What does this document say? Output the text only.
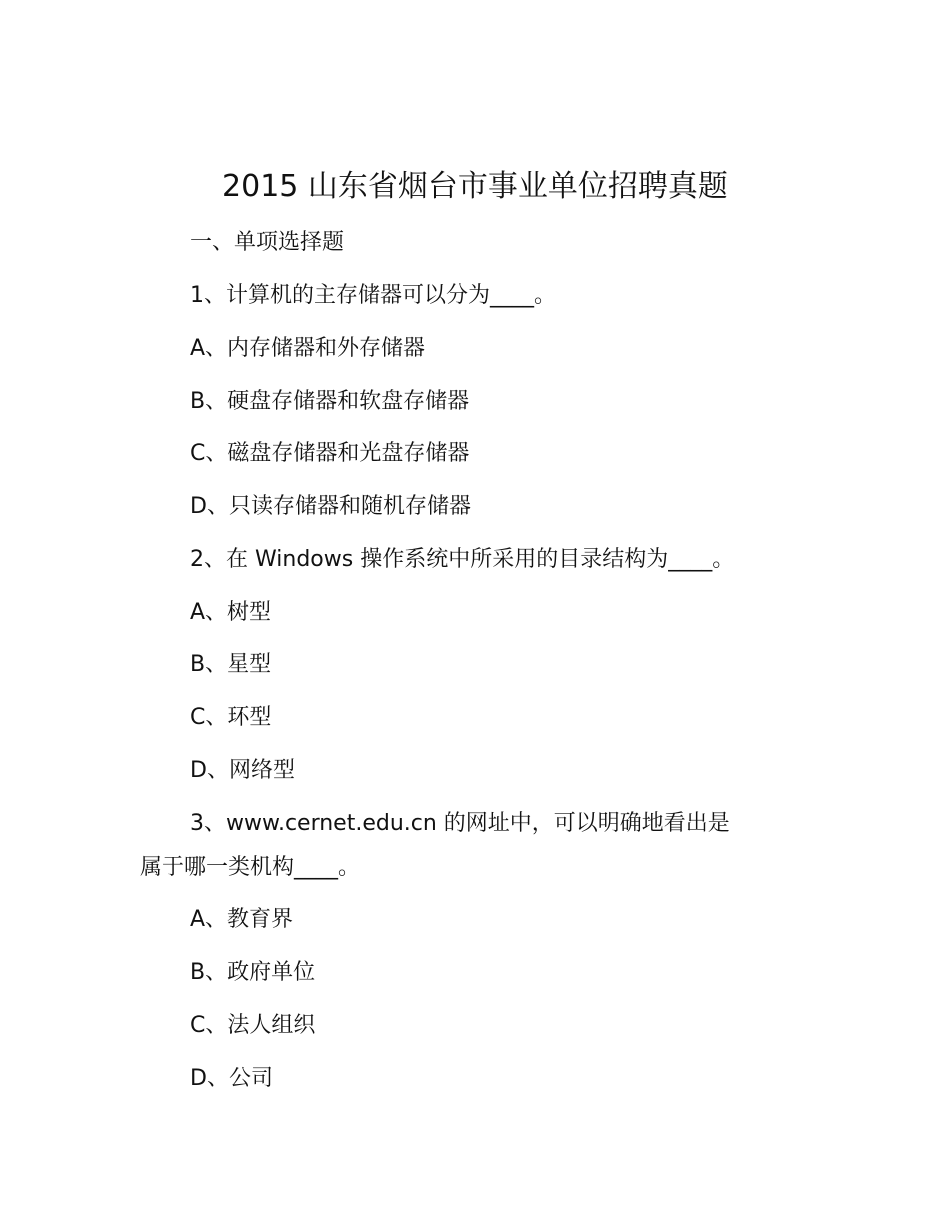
2015 山东省烟台市事业单位招聘真题

一、单项选择题

1、计算机的主存储器可以分为____。

A、内存储器和外存储器

B、硬盘存储器和软盘存储器

C、磁盘存储器和光盘存储器

D、只读存储器和随机存储器

2、在 Windows 操作系统中所采用的目录结构为____。

A、树型

B、星型

C、环型

D、网络型

3、www.cernet.edu.cn 的网址中，可以明确地看出是

属于哪一类机构____。

A、教育界

B、政府单位

C、法人组织

D、公司
